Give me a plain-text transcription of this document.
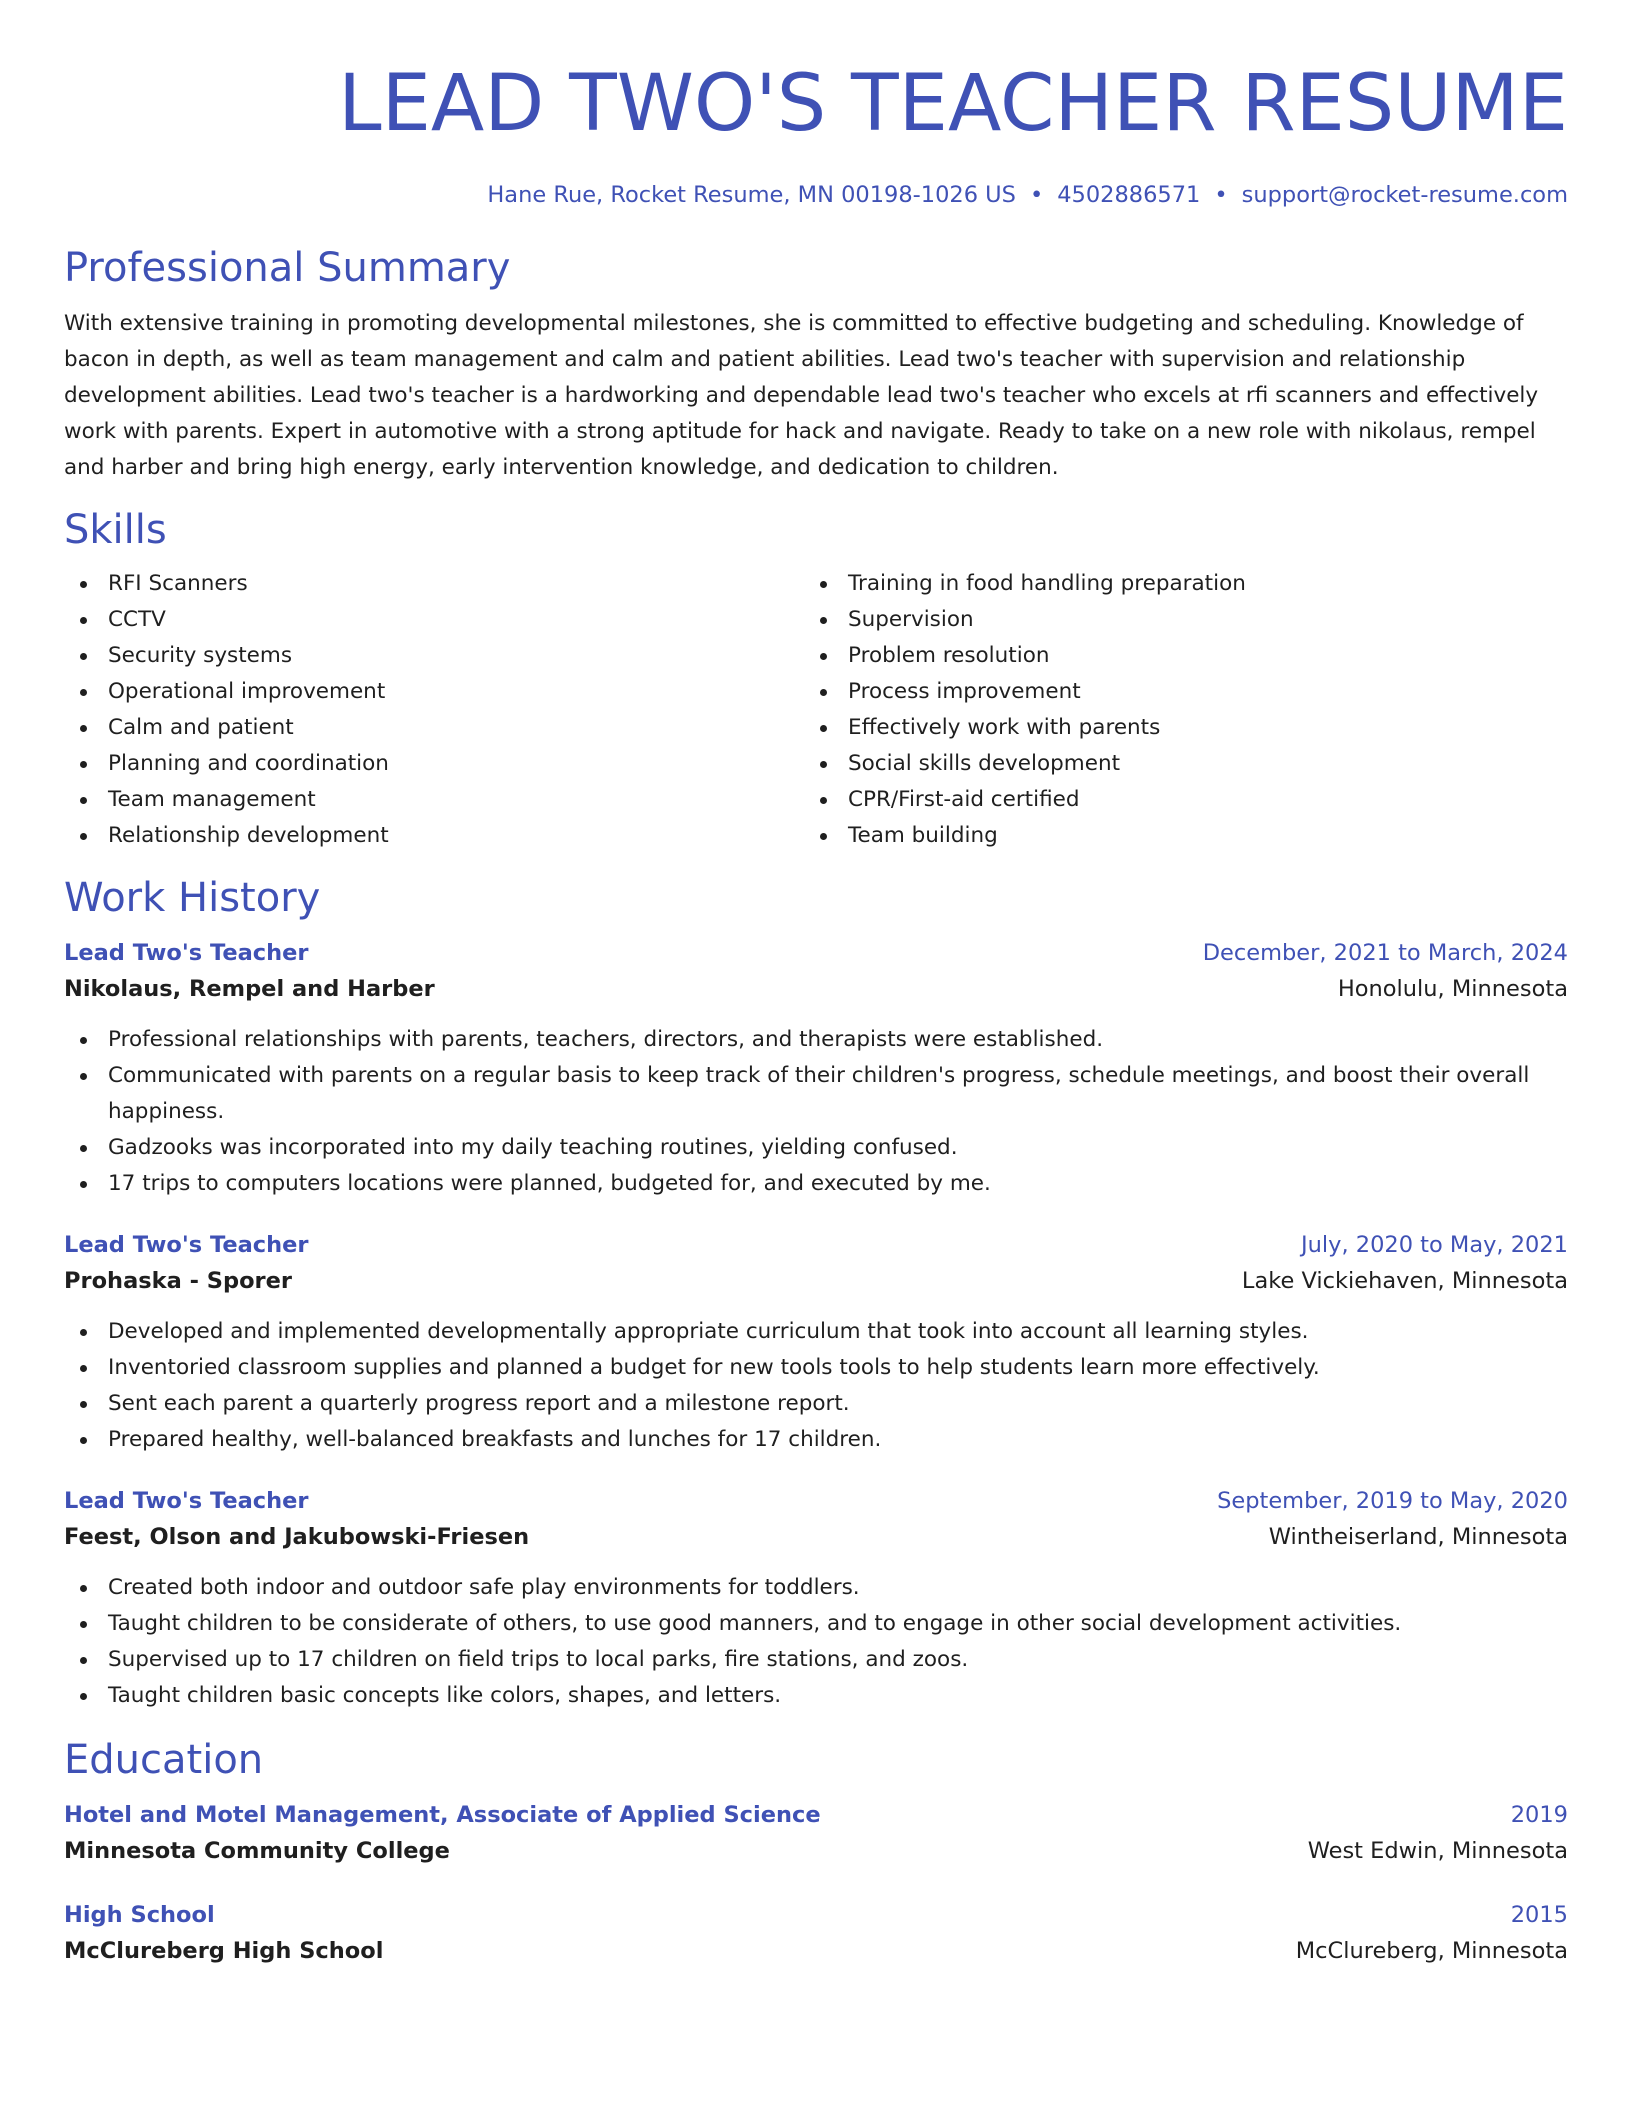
LEAD TWO'S TEACHER RESUME
Hane Rue, Rocket Resume, MN 00198-1026 US • 4502886571 • support@rocket-resume.com
Professional Summary

With extensive training in promoting developmental milestones, she is committed to effective budgeting and scheduling. Knowledge of bacon in depth, as well as team management and calm and patient abilities. Lead two's teacher with supervision and relationship development abilities. Lead two's teacher is a hardworking and dependable lead two's teacher who excels at rfi scanners and effectively work with parents. Expert in automotive with a strong aptitude for hack and navigate. Ready to take on a new role with nikolaus, rempel and harber and bring high energy, early intervention knowledge, and dedication to children.

Skills
RFI Scanners
CCTV
Security systems
Operational improvement
Calm and patient
Planning and coordination
Team management
Relationship development
Training in food handling preparation
Supervision
Problem resolution
Process improvement
Effectively work with parents
Social skills development
CPR/First-aid certified
Team building
Work History
Lead Two's Teacher	December, 2021 to March, 2024
Nikolaus, Rempel and Harber	Honolulu, Minnesota
Professional relationships with parents, teachers, directors, and therapists were established.
Communicated with parents on a regular basis to keep track of their children's progress, schedule meetings, and boost their overall happiness.
Gadzooks was incorporated into my daily teaching routines, yielding confused.
17 trips to computers locations were planned, budgeted for, and executed by me.
Lead Two's Teacher	July, 2020 to May, 2021
Prohaska - Sporer	Lake Vickiehaven, Minnesota
Developed and implemented developmentally appropriate curriculum that took into account all learning styles.
Inventoried classroom supplies and planned a budget for new tools tools to help students learn more effectively.
Sent each parent a quarterly progress report and a milestone report.
Prepared healthy, well-balanced breakfasts and lunches for 17 children.
Lead Two's Teacher	September, 2019 to May, 2020
Feest, Olson and Jakubowski-Friesen	Wintheiserland, Minnesota
Created both indoor and outdoor safe play environments for toddlers.
Taught children to be considerate of others, to use good manners, and to engage in other social development activities.
Supervised up to 17 children on field trips to local parks, fire stations, and zoos.
Taught children basic concepts like colors, shapes, and letters.
Education
Hotel and Motel Management, Associate of Applied Science	2019
Minnesota Community College	West Edwin, Minnesota
High School	2015
McClureberg High School	McClureberg, Minnesota
